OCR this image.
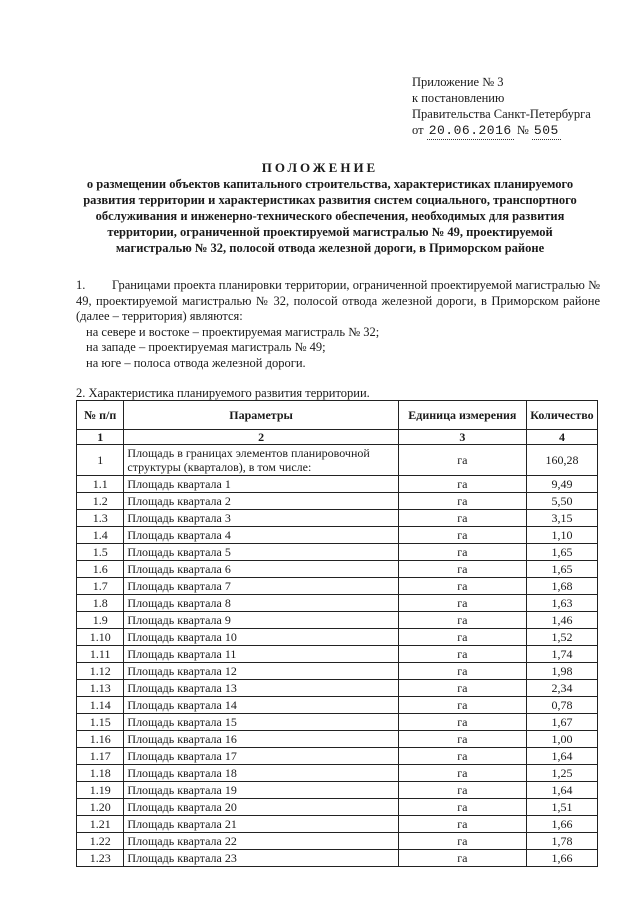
Приложение № 3
к постановлению
Правительства Санкт-Петербурга
от
20.06.2016
№
505
ПОЛОЖЕНИЕ
о размещении объектов капитального строительства, характеристиках планируемого развития территории и характеристиках развития систем социального, транспортного обслуживания и инженерно-технического обеспечения, необходимых для развития территории, ограниченной проектируемой магистралью № 49, проектируемой магистралью № 32, полосой отвода железной дороги, в Приморском районе
1. Границами проекта планировки территории, ограниченной проектируемой магистралью № 49, проектируемой магистралью № 32, полосой отвода железной дороги, в Приморском районе (далее – территория) являются:
на севере и востоке – проектируемая магистраль № 32;
на западе – проектируемая магистраль № 49;
на юге – полоса отвода железной дороги.
2. Характеристика планируемого развития территории.
№ п/п	Параметры	Единица измерения	Количество
1	2	3	4
1	Площадь в границах элементов планировочной структуры (кварталов), в том числе:	га	160,28
1.1	Площадь квартала 1	га	9,49
1.2	Площадь квартала 2	га	5,50
1.3	Площадь квартала 3	га	3,15
1.4	Площадь квартала 4	га	1,10
1.5	Площадь квартала 5	га	1,65
1.6	Площадь квартала 6	га	1,65
1.7	Площадь квартала 7	га	1,68
1.8	Площадь квартала 8	га	1,63
1.9	Площадь квартала 9	га	1,46
1.10	Площадь квартала 10	га	1,52
1.11	Площадь квартала 11	га	1,74
1.12	Площадь квартала 12	га	1,98
1.13	Площадь квартала 13	га	2,34
1.14	Площадь квартала 14	га	0,78
1.15	Площадь квартала 15	га	1,67
1.16	Площадь квартала 16	га	1,00
1.17	Площадь квартала 17	га	1,64
1.18	Площадь квартала 18	га	1,25
1.19	Площадь квартала 19	га	1,64
1.20	Площадь квартала 20	га	1,51
1.21	Площадь квартала 21	га	1,66
1.22	Площадь квартала 22	га	1,78
1.23	Площадь квартала 23	га	1,66
